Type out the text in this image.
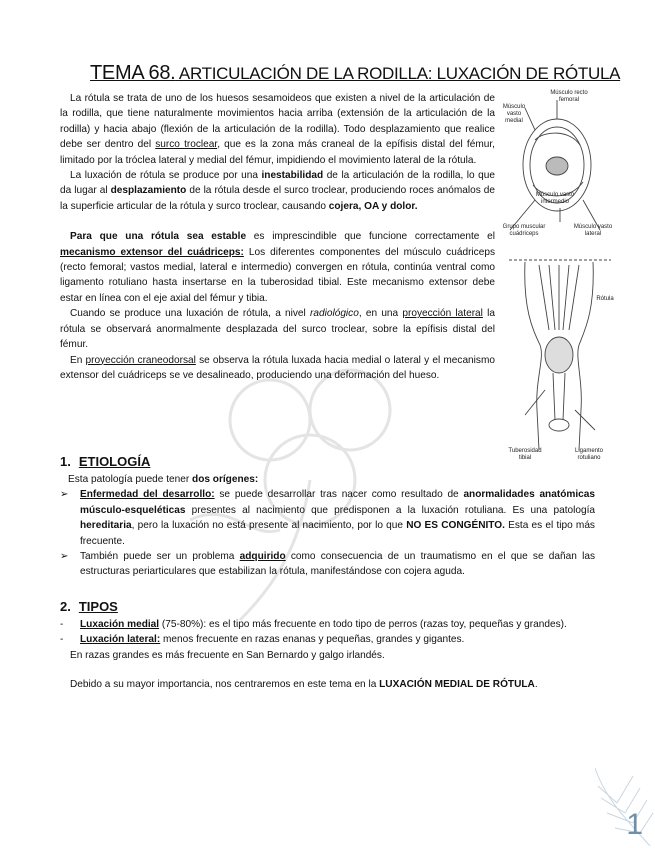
TEMA 68. ARTICULACIÓN DE LA RODILLA: LUXACIÓN DE RÓTULA

La rótula se trata de uno de los huesos sesamoideos que existen a nivel de la articulación de la rodilla, que tiene naturalmente movimientos hacia arriba (extensión de la articulación de la rodilla) y hacia abajo (flexión de la articulación de la rodilla). Todo desplazamiento que realice debe ser dentro del surco troclear, que es la zona más craneal de la epífisis distal del fémur, limitado por la tróclea lateral y medial del fémur, impidiendo el movimiento lateral de la rótula.

La luxación de rótula se produce por una inestabilidad de la articulación de la rodilla, lo que da lugar al desplazamiento de la rótula desde el surco troclear, produciendo roces anómalos de la superficie articular de la rótula y surco troclear, causando cojera, OA y dolor.

Para que una rótula sea estable es imprescindible que funcione correctamente el mecanismo extensor del cuádriceps: Los diferentes componentes del músculo cuádriceps (recto femoral; vastos medial, lateral e intermedio) convergen en rótula, continúa ventral como ligamento rotuliano hasta insertarse en la tuberosidad tibial. Este mecanismo extensor debe estar en línea con el eje axial del fémur y tibia.

Cuando se produce una luxación de rótula, a nivel radiológico, en una proyección lateral la rótula se observará anormalmente desplazada del surco troclear, sobre la epífisis distal del fémur.

En proyección craneodorsal se observa la rótula luxada hacia medial o lateral y el mecanismo extensor del cuádriceps se ve desalineado, produciendo una deformación del hueso.

Músculo recto femoral
Músculo vasto medial
Músculo vasto intermedio
Grupo muscular cuádriceps
Músculo vasto lateral
Rótula
Tuberosidad tibial
Ligamento rotuliano
1. ETIOLOGÍA
Esta patología puede tener dos orígenes:
➢	Enfermedad del desarrollo: se puede desarrollar tras nacer como resultado de anormalidades anatómicas músculo-esqueléticas presentes al nacimiento que predisponen a la luxación rotuliana. Es una patología hereditaria, pero la luxación no está presente al nacimiento, por lo que NO ES CONGÉNITO. Esta es el tipo más frecuente.
➢	También puede ser un problema adquirido como consecuencia de un traumatismo en el que se dañan las estructuras periarticulares que estabilizan la rótula, manifestándose con cojera aguda.
2. TIPOS
-	Luxación medial (75-80%): es el tipo más frecuente en todo tipo de perros (razas toy, pequeñas y grandes).
-	Luxación lateral: menos frecuente en razas enanas y pequeñas, grandes y gigantes.
En razas grandes es más frecuente en San Bernardo y galgo irlandés.
Debido a su mayor importancia, nos centraremos en este tema en la LUXACIÓN MEDIAL DE RÓTULA.
1
